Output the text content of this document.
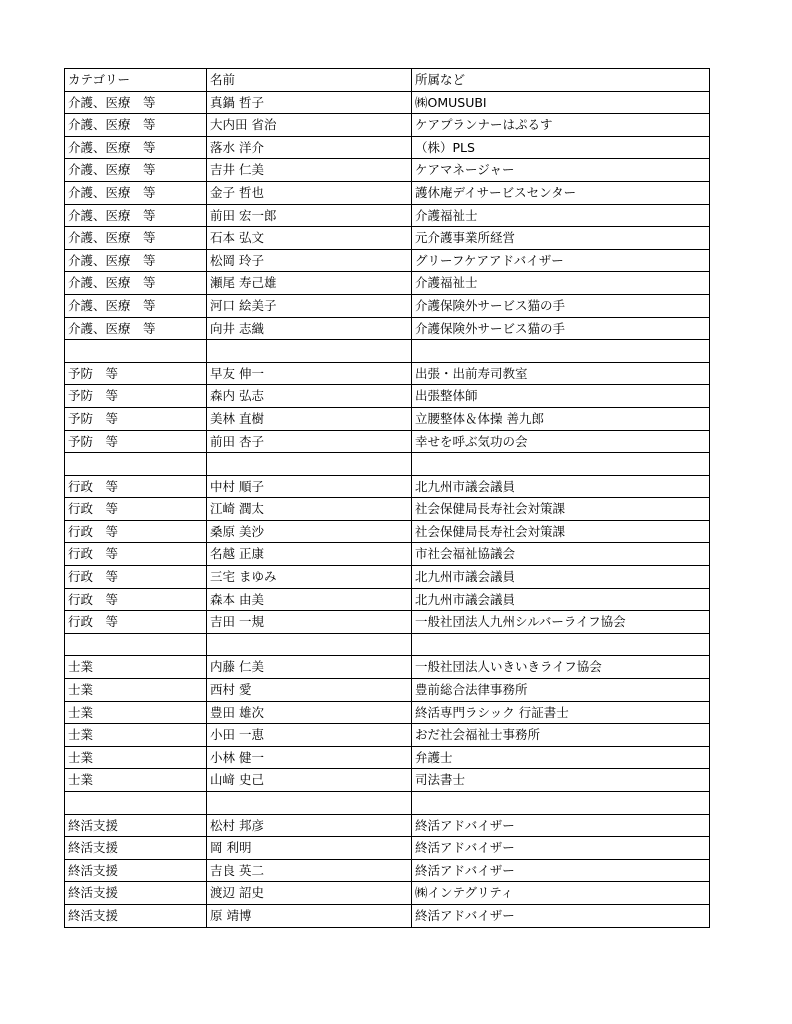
カテゴリー	名前	所属など
介護、医療　等	真鍋 哲子	㈱OMUSUBI
介護、医療　等	大内田 省治	ケアプランナーはぷるす
介護、医療　等	落水 洋介	（株）PLS
介護、医療　等	吉井 仁美	ケアマネージャー
介護、医療　等	金子 哲也	護休庵デイサービスセンター
介護、医療　等	前田 宏一郎	介護福祉士
介護、医療　等	石本 弘文	元介護事業所経営
介護、医療　等	松岡 玲子	グリーフケアアドバイザー
介護、医療　等	瀬尾 寿己雄	介護福祉士
介護、医療　等	河口 絵美子	介護保険外サービス猫の手
介護、医療　等	向井 志織	介護保険外サービス猫の手

予防　等	早友 伸一	出張・出前寿司教室
予防　等	森内 弘志	出張整体師
予防　等	美林 直樹	立腰整体＆体操 善九郎
予防　等	前田 杏子	幸せを呼ぶ気功の会

行政　等	中村 順子	北九州市議会議員
行政　等	江崎 潤太	社会保健局長寿社会対策課
行政　等	桑原 美沙	社会保健局長寿社会対策課
行政　等	名越 正康	市社会福祉協議会
行政　等	三宅 まゆみ	北九州市議会議員
行政　等	森本 由美	北九州市議会議員
行政　等	吉田 一規	一般社団法人九州シルバーライフ協会

士業	内藤 仁美	一般社団法人いきいきライフ協会
士業	西村 愛	豊前総合法律事務所
士業	豊田 雄次	終活専門ラシック 行証書士
士業	小田 一恵	おだ社会福祉士事務所
士業	小林 健一	弁護士
士業	山﨑 史己	司法書士

終活支援	松村 邦彦	終活アドバイザー
終活支援	岡 利明	終活アドバイザー
終活支援	吉良 英二	終活アドバイザー
終活支援	渡辺 詔史	㈱インテグリティ
終活支援	原 靖博	終活アドバイザー
